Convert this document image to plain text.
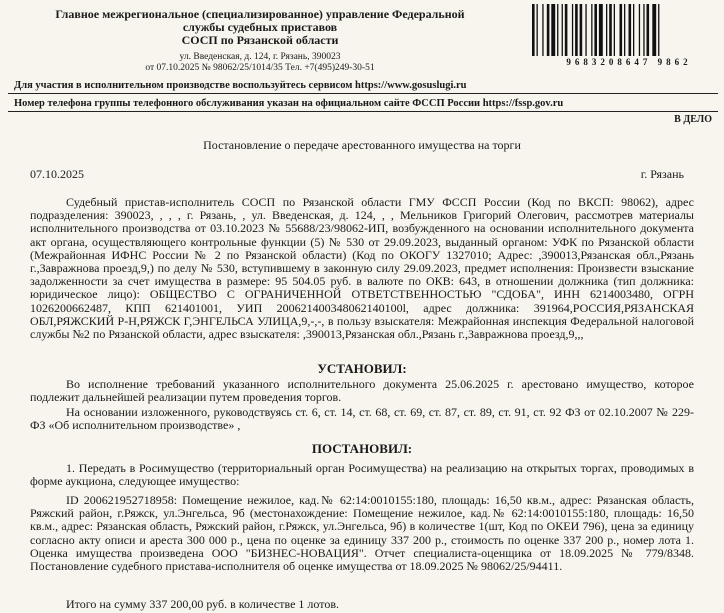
Главное межрегиональное (специализированное) управление Федеральной
службы судебных приставов
СОСП по Рязанской области
ул. Введенская, д. 124, г. Рязань, 390023
от 07.10.2025 № 98062/25/1014/35 Тел. +7(495)249-30-51
9683208647 9862
Для участия в исполнительном производстве воспользуйтесь сервисом https://www.gosuslugi.ru
Номер телефона группы телефонного обслуживания указан на официальном сайте ФССП России https://fssp.gov.ru
В ДЕЛО
Постановление о передаче арестованного имущества на торги
07.10.2025	г. Рязань
Судебный пристав-исполнитель СОСП по Рязанской области ГМУ ФССП России (Код по ВКСП: 98062), адрес подразделения: 390023, , , , г. Рязань, , ул. Введенская, д. 124, , , Мельников Григорий Олегович, рассмотрев материалы исполнительного производства от 03.10.2023 № 55688/23/98062-ИП, возбужденного на основании исполнительного документа акт органа, осуществляющего контрольные функции (5) № 530 от 29.09.2023, выданный органом: УФК по Рязанской области (Межрайонная ИФНС России № 2 по Рязанской области) (Код по ОКОГУ 1327010; Адрес: ,390013,Рязанская обл.,Рязань г.,Завражнова проезд,9,) по делу № 530, вступившему в законную силу 29.09.2023, предмет исполнения: Произвести взыскание задолженности за счет имущества в размере: 95 504.05 руб. в валюте по ОКВ: 643, в отношении должника (тип должника: юридическое лицо): ОБЩЕСТВО С ОГРАНИЧЕННОЙ ОТВЕТСТВЕННОСТЬЮ "СДОБА", ИНН 6214003480, ОГРН 1026200662487, КПП 621401001, УИП 200621400348062140100l, адрес должника: 391964,РОССИЯ,РЯЗАНСКАЯ ОБЛ,РЯЖСКИЙ Р-Н,РЯЖСК Г,ЭНГЕЛЬСА УЛИЦА,9,-,-, в пользу взыскателя: Межрайонная инспекция Федеральной налоговой службы №2 по Рязанской области, адрес взыскателя: ,390013,Рязанская обл.,Рязань г.,Завражнова проезд,9,,,
УСТАНОВИЛ:
Во исполнение требований указанного исполнительного документа 25.06.2025 г. арестовано имущество, которое подлежит дальнейшей реализации путем проведения торгов.
На основании изложенного, руководствуясь ст. 6, ст. 14, ст. 68, ст. 69, ст. 87, ст. 89, ст. 91, ст. 92 ФЗ от 02.10.2007 № 229-ФЗ «Об исполнительном производстве» ,
ПОСТАНОВИЛ:
1. Передать в Росимущество (территориальный орган Росимущества) на реализацию на открытых торгах, проводимых в форме аукциона, следующее имущество:
ID 200621952718958: Помещение нежилое, кад.№ 62:14:0010155:180, площадь: 16,50 кв.м., адрес: Рязанская область, Ряжский район, г.Ряжск, ул.Энгельса, 9б (местонахождение: Помещение нежилое, кад.№ 62:14:0010155:180, площадь: 16,50 кв.м., адрес: Рязанская область, Ряжский район, г.Ряжск, ул.Энгельса, 9б) в количестве 1(шт, Код по ОКЕИ 796), цена за единицу согласно акту описи и ареста 300 000 р., цена по оценке за единицу 337 200 р., стоимость по оценке 337 200 р., номер лота 1. Оценка имущества произведена ООО "БИЗНЕС-НОВАЦИЯ". Отчет специалиста-оценщика от 18.09.2025 № 779/8348. Постановление судебного пристава-исполнителя об оценке имущества от 18.09.2025 № 98062/25/94411.
Итого на сумму 337 200,00 руб. в количестве 1 лотов.
